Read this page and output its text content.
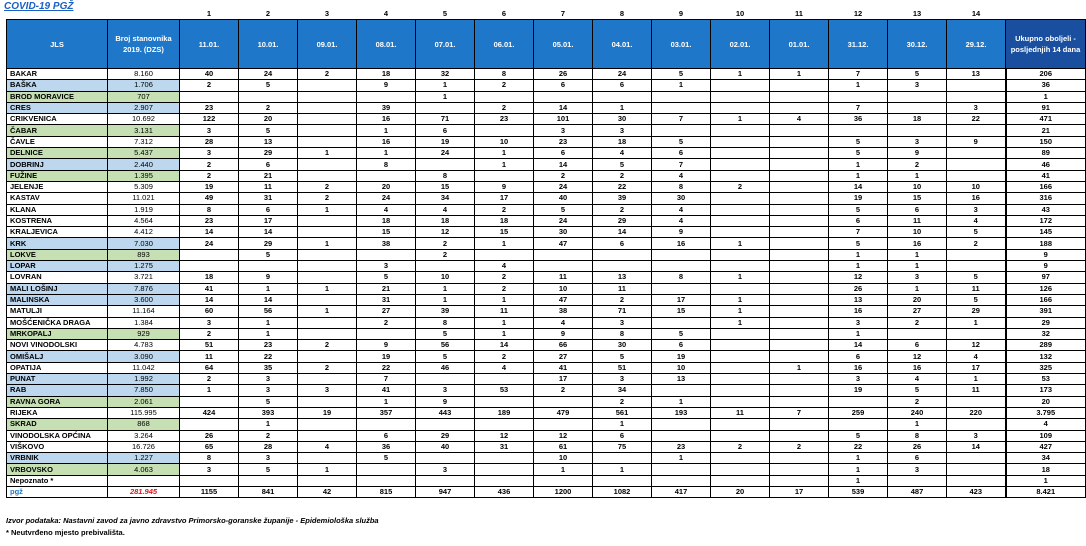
COVID-19 PGŽ
		1	2	3	4	5	6	7	8	9	10	11	12	13	14	
JLS	Broj stanovnika 2019. (DZS)	11.01.	10.01.	09.01.	08.01.	07.01.	06.01.	05.01.	04.01.	03.01.	02.01.	01.01.	31.12.	30.12.	29.12.	Ukupno oboljeli - posljednjih 14 dana
BAKAR	8.160	40	24	2	18	32	8	26	24	5	1	1	7	5	13	206
BAŠKA	1.706	2	5		9	1	2	6	6	1			1	3		36
BROD MORAVICE	707					1										1
CRES	2.907	23	2		39		2	14	1				7		3	91
CRIKVENICA	10.692	122	20		16	71	23	101	30	7	1	4	36	18	22	471
ČABAR	3.131	3	5		1	6		3	3							21
ČAVLE	7.312	28	13		16	19	10	23	18	5			5	3	9	150
DELNICE	5.437	3	29	1	1	24	1	6	4	6			5	9		89
DOBRINJ	2.440	2	6		8		1	14	5	7			1	2		46
FUŽINE	1.395	2	21			8		2	2	4			1	1		41
JELENJE	5.309	19	11	2	20	15	9	24	22	8	2		14	10	10	166
KASTAV	11.021	49	31	2	24	34	17	40	39	30			19	15	16	316
KLANA	1.919	8	6	1	4	4	2	5	2	4			5	6	3	43
KOSTRENA	4.564	23	17		18	18	18	24	29	4			6	11	4	172
KRALJEVICA	4.412	14	14		15	12	15	30	14	9			7	10	5	145
KRK	7.030	24	29	1	38	2	1	47	6	16	1		5	16	2	188
LOKVE	893		5			2							1	1		9
LOPAR	1.275				3		4						1	1		9
LOVRAN	3.721	18	9		5	10	2	11	13	8	1		12	3	5	97
MALI LOŠINJ	7.876	41	1	1	21	1	2	10	11				26	1	11	126
MALINSKA	3.600	14	14		31	1	1	47	2	17	1		13	20	5	166
MATULJI	11.164	60	56	1	27	39	11	38	71	15	1		16	27	29	391
MOŠĆENIČKA DRAGA	1.384	3	1		2	8	1	4	3		1		3	2	1	29
MRKOPALJ	929	2	1			5	1	9	8	5			1			32
NOVI VINODOLSKI	4.783	51	23	2	9	56	14	66	30	6			14	6	12	289
OMIŠALJ	3.090	11	22		19	5	2	27	5	19			6	12	4	132
OPATIJA	11.042	64	35	2	22	46	4	41	51	10		1	16	16	17	325
PUNAT	1.992	2	3		7			17	3	13			3	4	1	53
RAB	7.850	1	3	3	41	3	53	2	34				19	5	11	173
RAVNA GORA	2.061		5		1	9			2	1				2		20
RIJEKA	115.995	424	393	19	357	443	189	479	561	193	11	7	259	240	220	3.795
SKRAD	868		1						1					1		4
VINODOLSKA OPĆINA	3.264	26	2		6	29	12	12	6				5	8	3	109
VIŠKOVO	16.726	65	28	4	36	40	31	61	75	23	2	2	22	26	14	427
VRBNIK	1.227	8	3		5			10		1			1	6		34
VRBOVSKO	4.063	3	5	1		3		1	1				1	3		18
Nepoznato *													1			1
pgž	281.945	1155	841	42	815	947	436	1200	1082	417	20	17	539	487	423	8.421
Izvor podataka: Nastavni zavod za javno zdravstvo Primorsko-goranske županije - Epidemiološka služba
* Neutvrđeno mjesto prebivališta.
